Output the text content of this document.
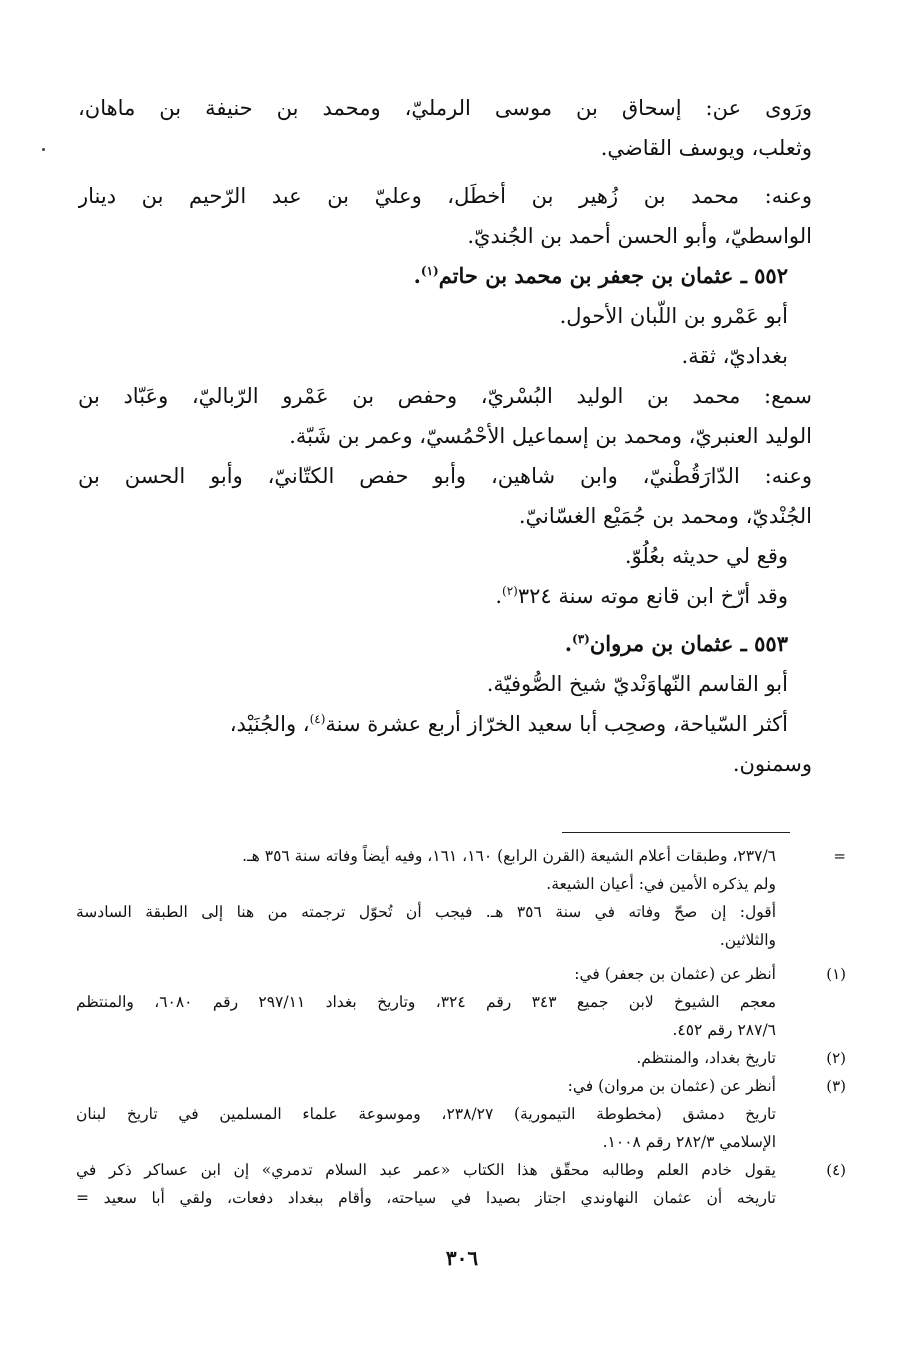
ورَوى عن: إسحاق بن موسى الرمليّ، ومحمد بن حنيفة بن ماهان،
وثعلب، ويوسف القاضي.
وعنه: محمد بن زُهير بن أخطَل، وعليّ بن عبد الرّحيم بن دينار
الواسطيّ، وأبو الحسن أحمد بن الجُنديّ.
٥٥٢ ـ عثمان بن جعفر بن محمد بن حاتم$^{(١)}$.
أبو عَمْرو بن اللّبان الأحول.
بغداديّ، ثقة.
سمع: محمد بن الوليد البُسْريّ، وحفص بن عَمْرو الرّباليّ، وعَبّاد بن
الوليد العنبريّ، ومحمد بن إسماعيل الأحْمُسيّ، وعمر بن شَبّة.
وعنه: الدّارَقُطْنيّ، وابن شاهين، وأبو حفص الكتّانيّ، وأبو الحسن بن
الجُنْديّ، ومحمد بن جُمَيْع الغسّانيّ.
وقع لي حديثه بعُلُوّ.
وقد أرّخ ابن قانع موته سنة ٣٢٤$^{(٢)}$.
٥٥٣ ـ عثمان بن مروان$^{(٣)}$.
أبو القاسم النّهاوَنْديّ شيخ الصُّوفيّة.
أكثر السّياحة، وصحِب أبا سعيد الخرّاز أربع عشرة سنة$^{(٤)}$، والجُنَيْد،
وسمنون.
=
٢٣٧/٦، وطبقات أعلام الشيعة (القرن الرابع) ١٦٠، ١٦١، وفيه أيضاً وفاته سنة ٣٥٦ هـ.
ولم يذكره الأمين في: أعيان الشيعة.
أقول: إن صحّ وفاته في سنة ٣٥٦ هـ. فيجب أن تُحوّل ترجمته من هنا إلى الطبقة السادسة
والثلاثين.
(١)
أنظر عن (عثمان بن جعفر) في:
معجم الشيوخ لابن جميع ٣٤٣ رقم ٣٢٤، وتاريخ بغداد ٢٩٧/١١ رقم ٦٠٨٠، والمنتظم
٢٨٧/٦ رقم ٤٥٢.
(٢)
تاريخ بغداد، والمنتظم.
(٣)
أنظر عن (عثمان بن مروان) في:
تاريخ دمشق (مخطوطة التيمورية) ٢٣٨/٢٧، وموسوعة علماء المسلمين في تاريخ لبنان
الإسلامي ٢٨٢/٣ رقم ١٠٠٨.
(٤)
يقول خادم العلم وطالبه محقّق هذا الكتاب «عمر عبد السلام تدمري» إن ابن عساكر ذكر في
تاريخه أن عثمان النهاوندي اجتاز بصيدا في سياحته، وأقام ببغداد دفعات، ولقي أبا سعيد =
٣٠٦
